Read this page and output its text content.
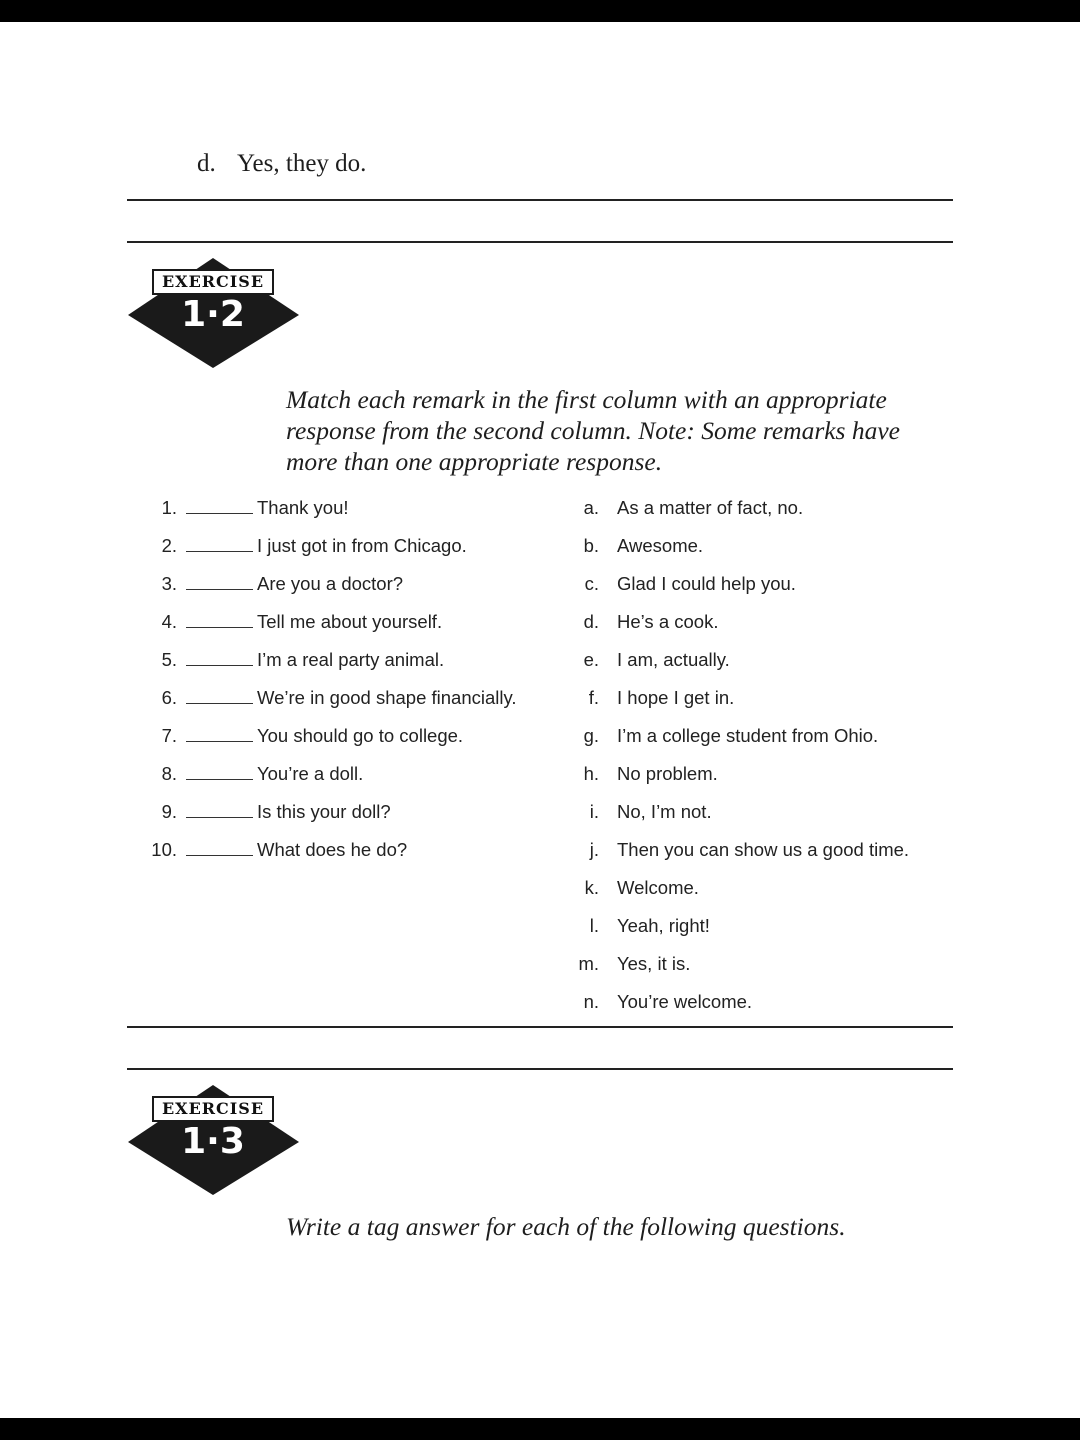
d. Yes, they do.
EXERCISE
1·2
Match each remark in the first column with an appropriate response from the second column. Note: Some remarks have more than one appropriate response.
1.	Thank you!
2.	I just got in from Chicago.
3.	Are you a doctor?
4.	Tell me about yourself.
5.	I’m a real party animal.
6.	We’re in good shape financially.
7.	You should go to college.
8.	You’re a doll.
9.	Is this your doll?
10.	What does he do?
a. As a matter of fact, no.
b. Awesome.
c. Glad I could help you.
d. He’s a cook.
e. I am, actually.
f. I hope I get in.
g. I’m a college student from Ohio.
h. No problem.
i. No, I’m not.
j. Then you can show us a good time.
k. Welcome.
l. Yeah, right!
m. Yes, it is.
n. You’re welcome.
EXERCISE
1·3
Write a tag answer for each of the following questions.
